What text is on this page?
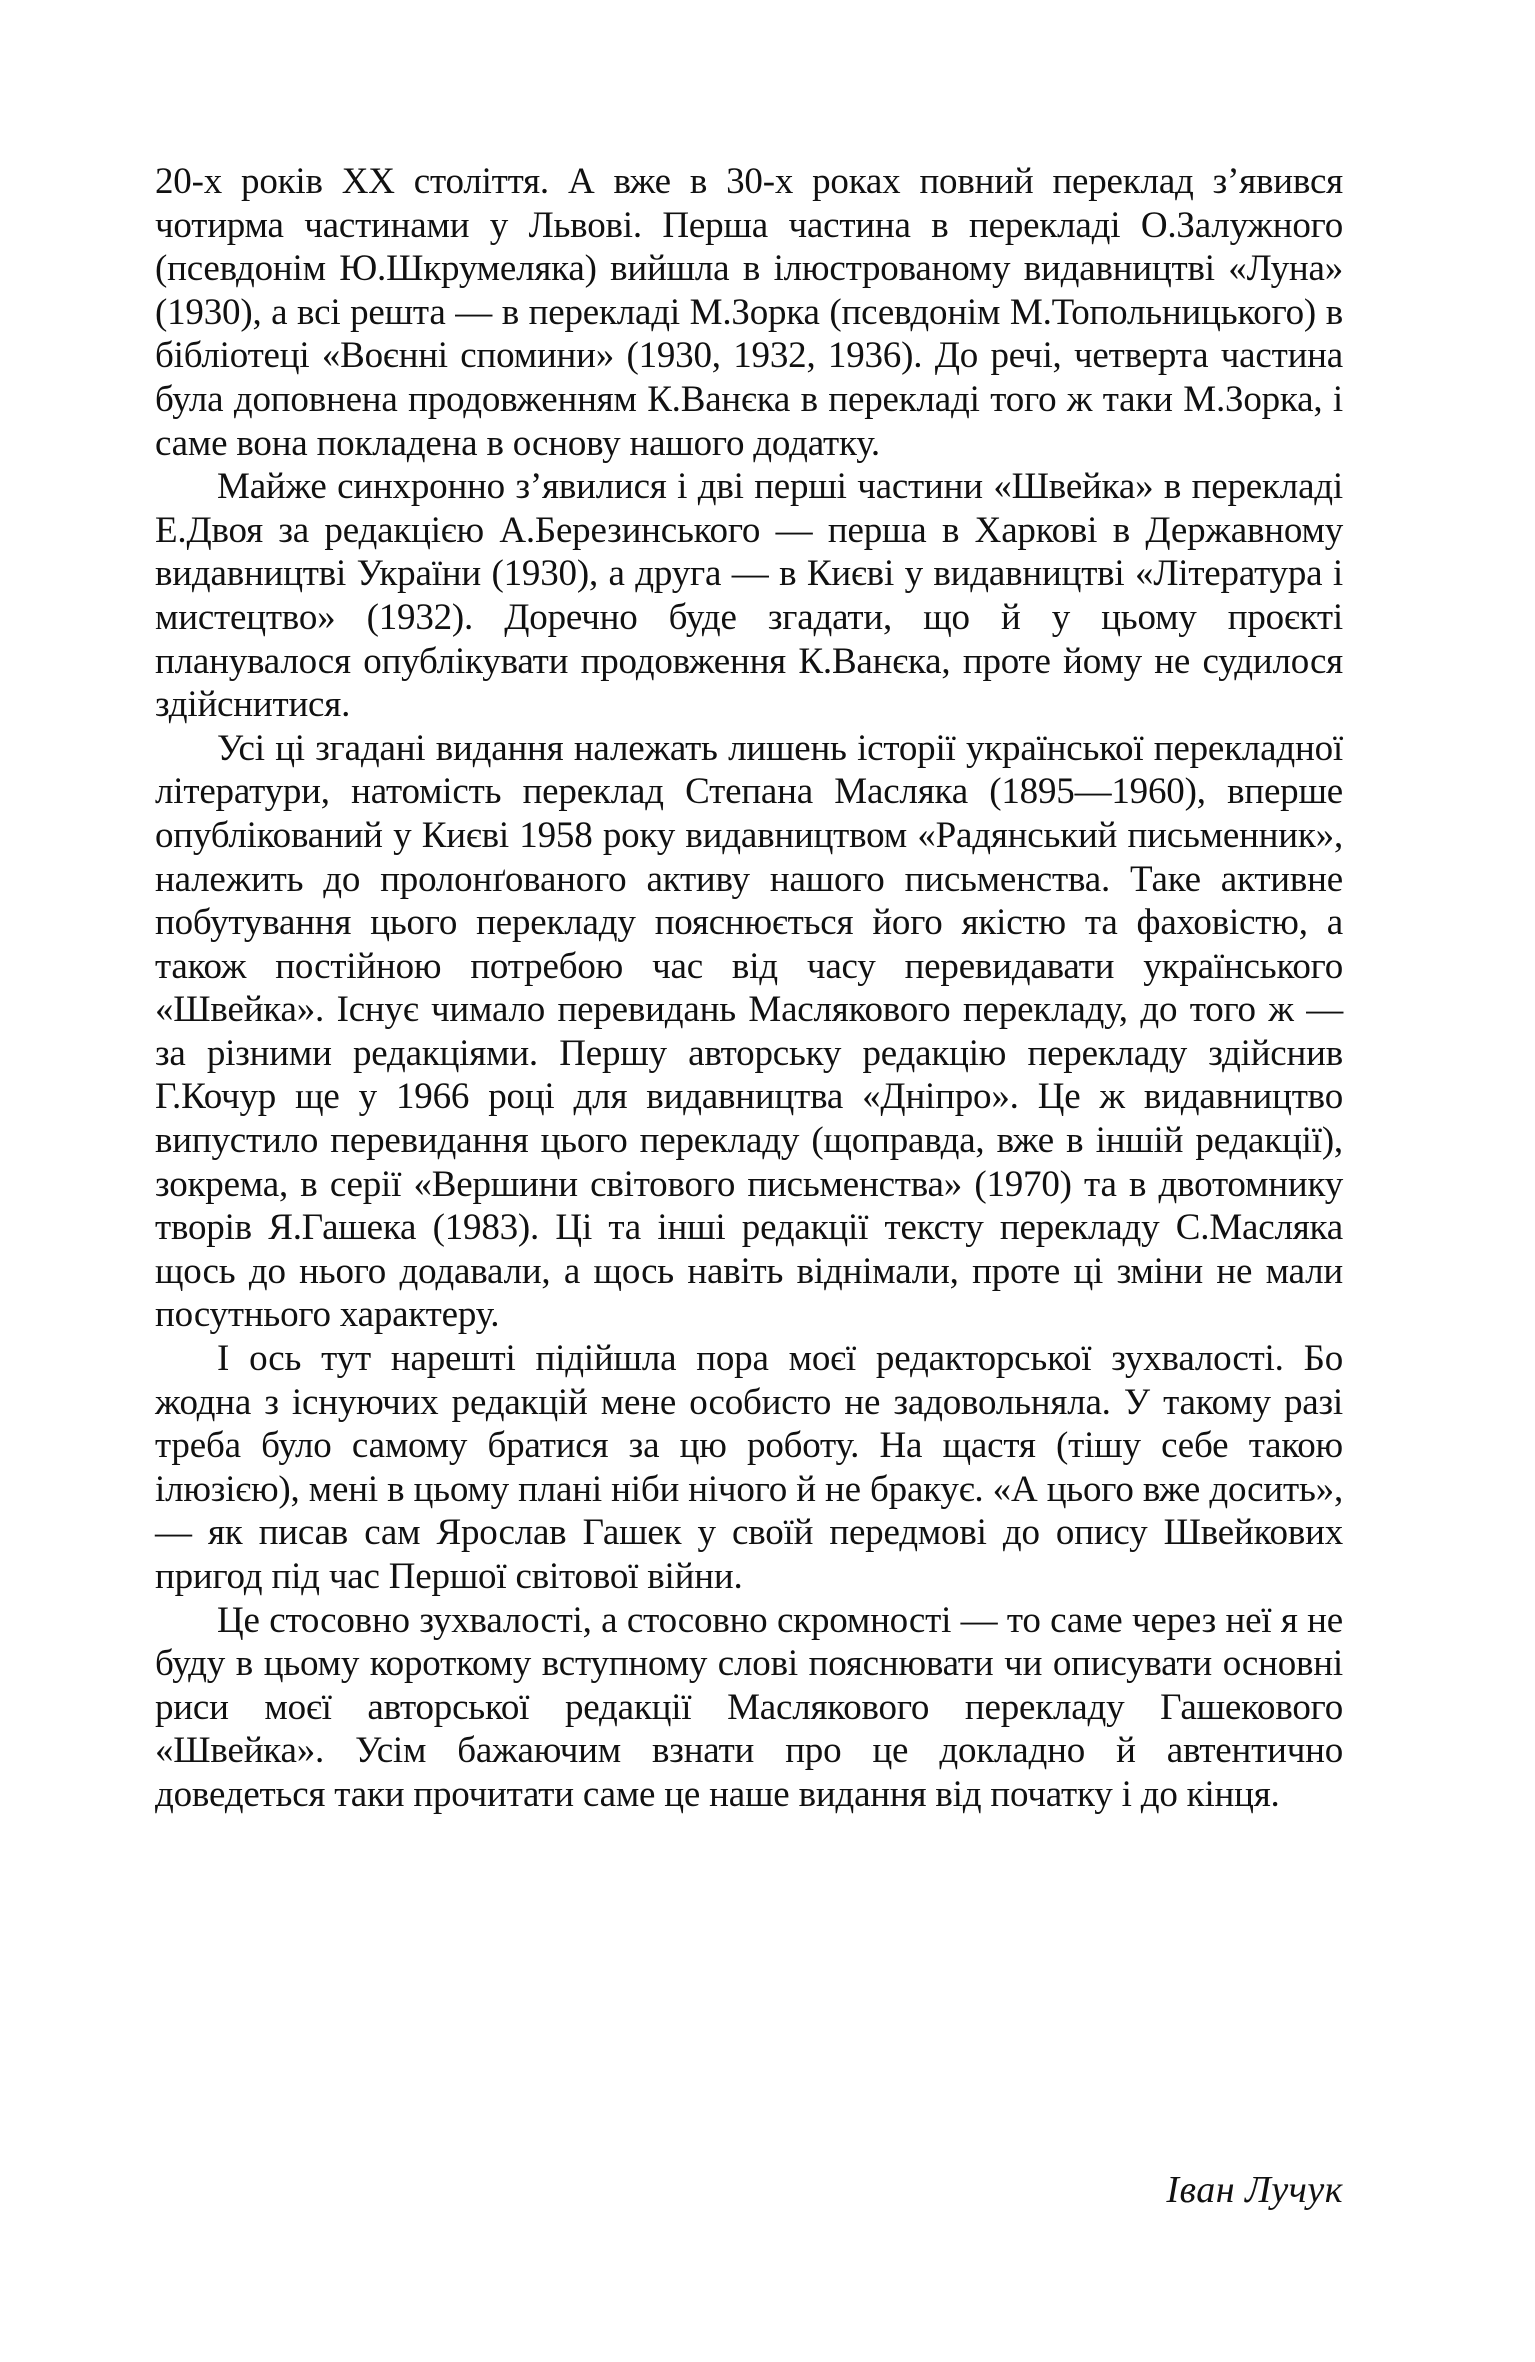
20-х років XX століття. А вже в 30-х роках повний переклад з’явився чотирма частинами у Львові. Перша частина в перекладі О.Залужного (псевдонім Ю.Шкрумеляка) вийшла в ілюстрованому видавництві «Луна» (1930), а всі решта — в перекладі М.Зорка (псевдонім М.Топольницького) в бібліотеці «Воєнні спомини» (1930, 1932, 1936). До речі, четверта частина була доповнена продовженням К.Ванєка в перекладі того ж таки М.Зорка, і саме вона покладена в основу нашого додатку.

Майже синхронно з’явилися і дві перші частини «Швейка» в перекладі Е.Двоя за редакцією А.Березинського — перша в Харкові в Державному видавництві України (1930), а друга — в Києві у видавництві «Література і мистецтво» (1932). Доречно буде згадати, що й у цьому проєкті планувалося опублікувати продовження К.Ванєка, проте йому не судилося здійснитися.

Усі ці згадані видання належать лишень історії української перекладної літератури, натомість переклад Степана Масляка (1895—1960), вперше опублікований у Києві 1958 року видавництвом «Радянський письменник», належить до пролонґованого активу нашого письменства. Таке активне побутування цього перекладу пояснюється його якістю та фаховістю, а також постійною потребою час від часу перевидавати українського «Швейка». Існує чимало перевидань Маслякового перекладу, до того ж — за різними редакціями. Першу авторську редакцію перекладу здійснив Г.Кочур ще у 1966 році для видавництва «Дніпро». Це ж видавництво випустило перевидання цього перекладу (щоправда, вже в іншій редакції), зокрема, в серії «Вершини світового письменства» (1970) та в двотомнику творів Я.Гашека (1983). Ці та інші редакції тексту перекладу С.Масляка щось до нього додавали, а щось навіть віднімали, проте ці зміни не мали посутнього характеру.

І ось тут нарешті підійшла пора моєї редакторської зухвалості. Бо жодна з існуючих редакцій мене особисто не задовольняла. У такому разі треба було самому братися за цю роботу. На щастя (тішу себе такою ілюзією), мені в цьому плані ніби нічого й не бракує. «А цього вже досить», — як писав сам Ярослав Гашек у своїй передмові до опису Швейкових пригод під час Першої світової війни.

Це стосовно зухвалості, а стосовно скромності — то саме через неї я не буду в цьому короткому вступному слові пояснювати чи описувати основні риси моєї авторської редакції Маслякового перекладу Гашекового «Швейка». Усім бажаючим взнати про це докладно й автентично доведеться таки прочитати саме це наше видання від початку і до кінця.

Іван Лучук
